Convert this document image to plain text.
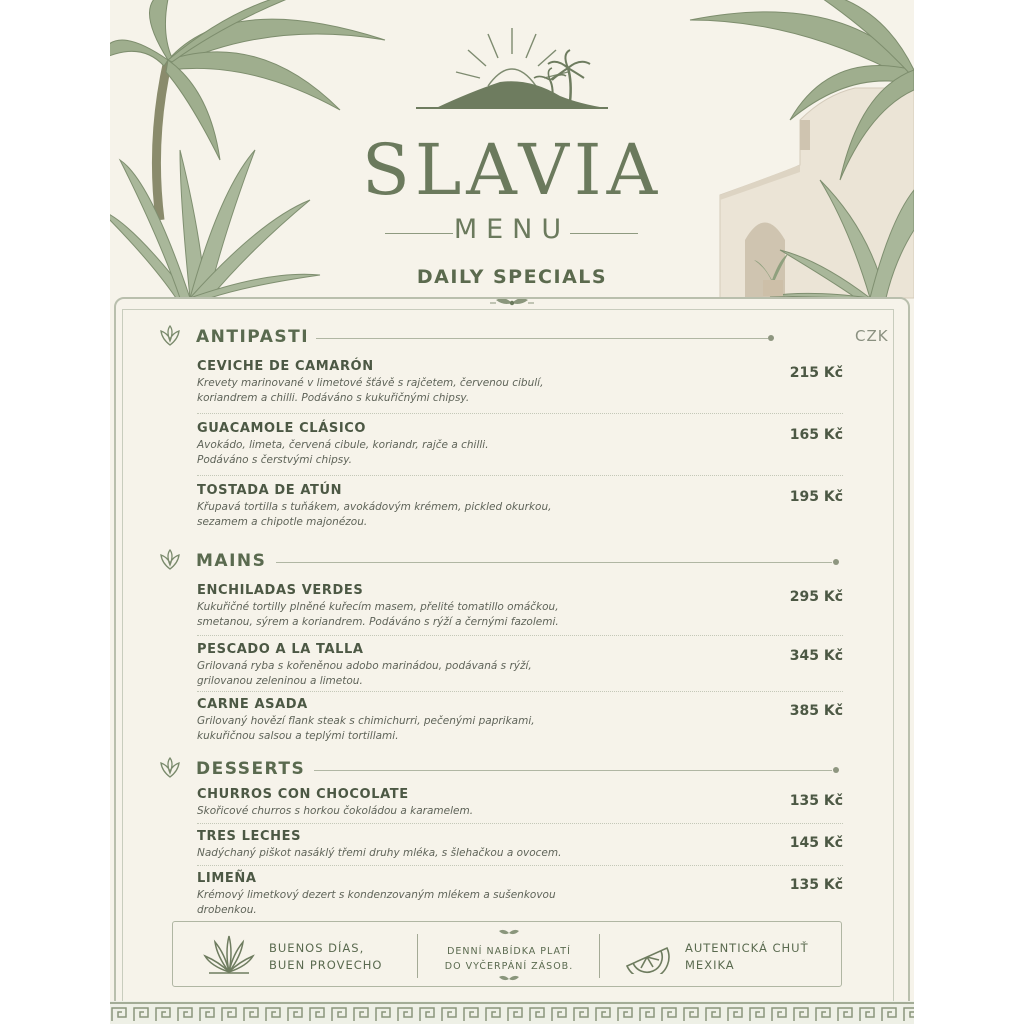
SLAVIA
MENU
DAILY SPECIALS
ANTIPASTI	CZK
CEVICHE DE CAMARÓN
Krevety marinované v limetové šťávě s rajčetem, červenou cibulí,
koriandrem a chilli. Podáváno s kukuřičnými chipsy.
215 Kč
GUACAMOLE CLÁSICO
Avokádo, limeta, červená cibule, koriandr, rajče a chilli.
Podáváno s čerstvými chipsy.
165 Kč
TOSTADA DE ATÚN
Křupavá tortilla s tuňákem, avokádovým krémem, pickled okurkou,
sezamem a chipotle majonézou.
195 Kč
MAINS
ENCHILADAS VERDES
Kukuřičné tortilly plněné kuřecím masem, přelité tomatillo omáčkou,
smetanou, sýrem a koriandrem. Podáváno s rýží a černými fazolemi.
295 Kč
PESCADO A LA TALLA
Grilovaná ryba s kořeněnou adobo marinádou, podávaná s rýží,
grilovanou zeleninou a limetou.
345 Kč
CARNE ASADA
Grilovaný hovězí flank steak s chimichurri, pečenými paprikami,
kukuřičnou salsou a teplými tortillami.
385 Kč
DESSERTS
CHURROS CON CHOCOLATE
Skořicové churros s horkou čokoládou a karamelem.
135 Kč
TRES LECHES
Nadýchaný piškot nasáklý třemi druhy mléka, s šlehačkou a ovocem.
145 Kč
LIMEÑA
Krémový limetkový dezert s kondenzovaným mlékem a sušenkovou drobenkou.
135 Kč
BUENOS DÍAS,
BUEN PROVECHO
DENNÍ NABÍDKA PLATÍ
DO VYČERPÁNÍ ZÁSOB.
AUTENTICKÁ CHUŤ
MEXIKA
